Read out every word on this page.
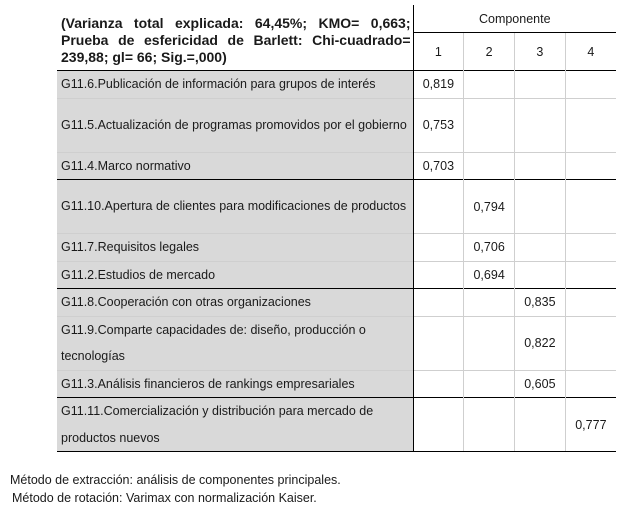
(Varianza total explicada: 64,45%; KMO= 0,663; Prueba de esfericidad de Barlett: Chi-cuadrado= 239,88; gl= 66; Sig.=,000)	Componente			
	1	2	3	4
G11.6.Publicación de información para grupos de interés	0,819			
G11.5.Actualización de programas promovidos por el gobierno	0,753			
G11.4.Marco normativo	0,703			
G11.10.Apertura de clientes para modificaciones de productos		0,794		
G11.7.Requisitos legales		0,706		
G11.2.Estudios de mercado		0,694		
G11.8.Cooperación con otras organizaciones			0,835	
G11.9.Comparte capacidades de: diseño, producción o tecnologías			0,822	
G11.3.Análisis financieros de rankings empresariales			0,605	
G11.11.Comercialización y distribución para mercado de productos nuevos				0,777
Método de extracción: análisis de componentes principales.
Método de rotación: Varimax con normalización Kaiser.
